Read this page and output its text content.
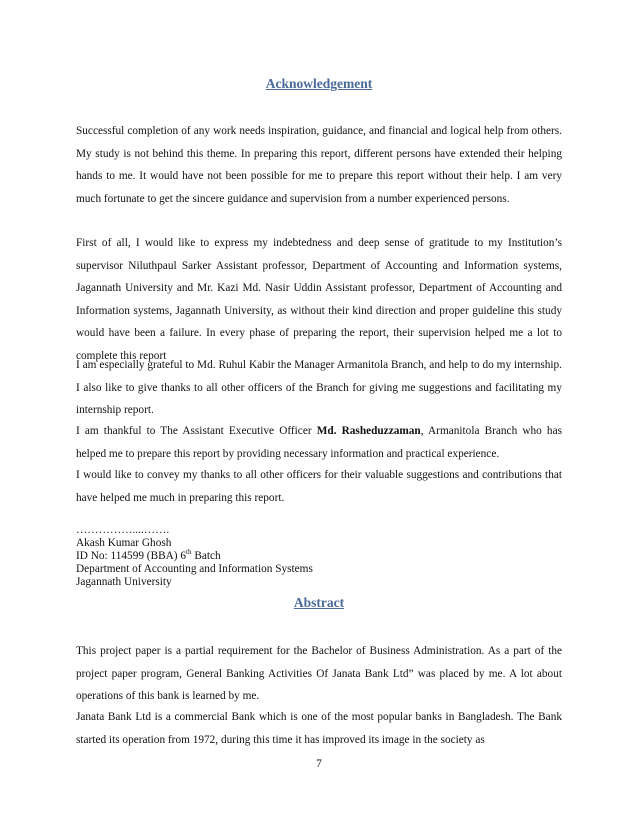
Acknowledgement

Successful completion of any work needs inspiration, guidance, and financial and logical help from others. My study is not behind this theme. In preparing this report, different persons have extended their helping hands to me. It would have not been possible for me to prepare this report without their help. I am very much fortunate to get the sincere guidance and supervision from a number experienced persons.

First of all, I would like to express my indebtedness and deep sense of gratitude to my Institution’s supervisor Niluthpaul Sarker Assistant professor, Department of Accounting and Information systems, Jagannath University and Mr. Kazi Md. Nasir Uddin Assistant professor, Department of Accounting and Information systems, Jagannath University, as without their kind direction and proper guideline this study would have been a failure. In every phase of preparing the report, their supervision helped me a lot to complete this report

I am especially grateful to Md. Ruhul Kabir the Manager Armanitola Branch, and help to do my internship. I also like to give thanks to all other officers of the Branch for giving me suggestions and facilitating my internship report.

I am thankful to The Assistant Executive Officer Md. Rasheduzzaman, Armanitola Branch who has helped me to prepare this report by providing necessary information and practical experience.

I would like to convey my thanks to all other officers for their valuable suggestions and contributions that have helped me much in preparing this report.

……………....…….
Akash Kumar Ghosh
ID No: 114599 (BBA) 6th Batch
Department of Accounting and Information Systems
Jagannath University
Abstract

This project paper is a partial requirement for the Bachelor of Business Administration. As a part of the project paper program, General Banking Activities Of Janata Bank Ltd” was placed by me. A lot about operations of this bank is learned by me.

Janata Bank Ltd is a commercial Bank which is one of the most popular banks in Bangladesh. The Bank started its operation from 1972, during this time it has improved its image in the society as

7
